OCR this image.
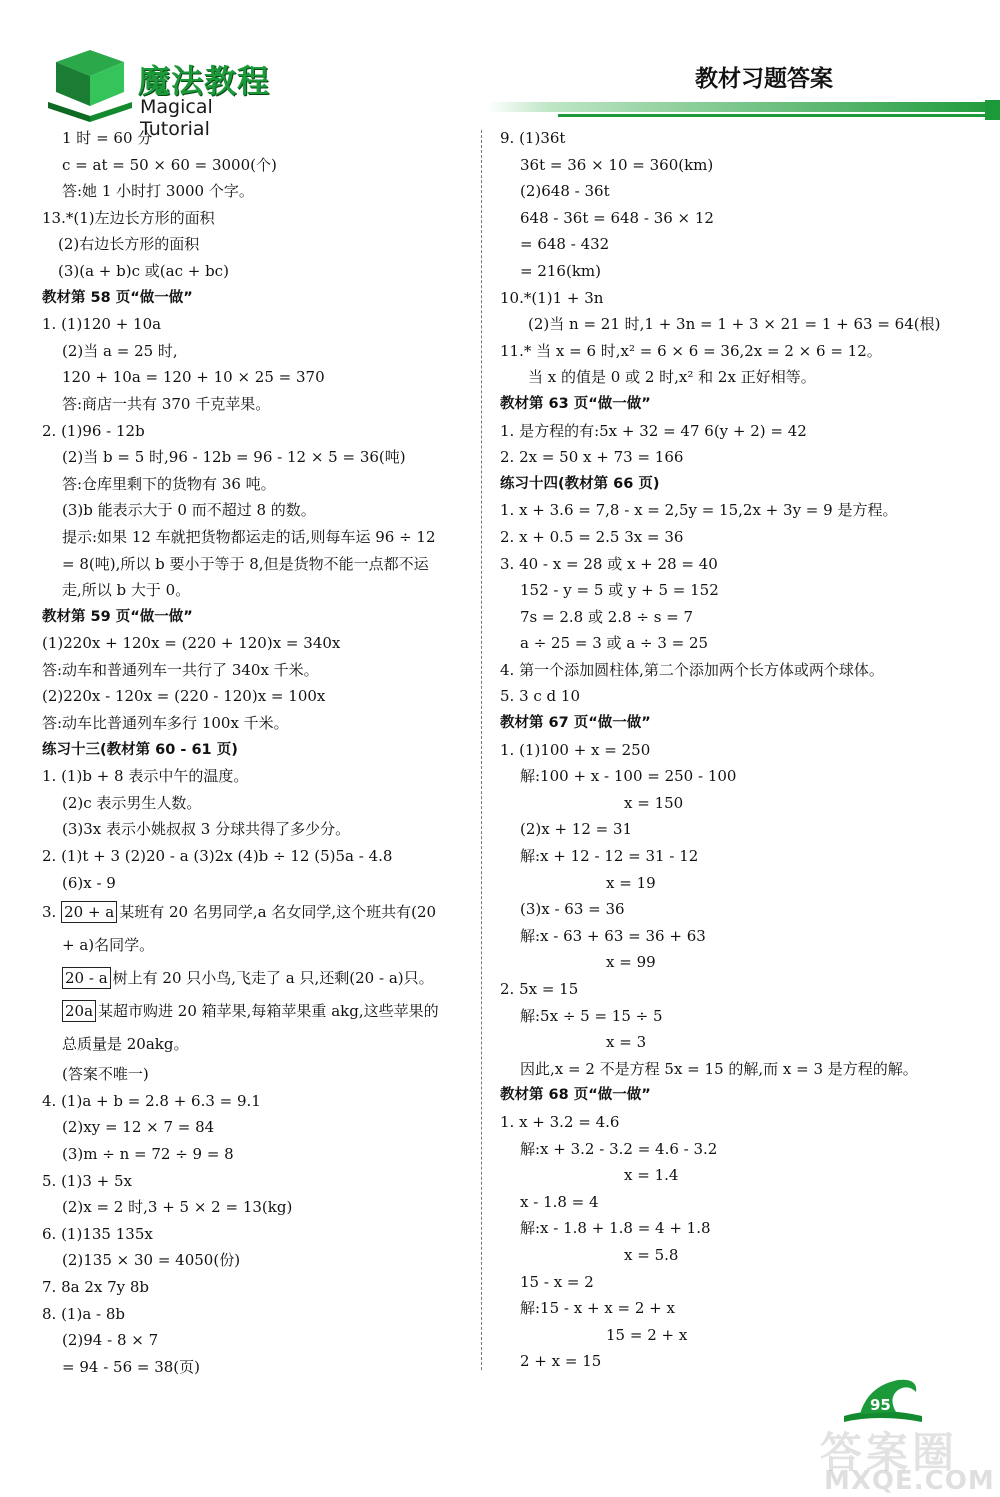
魔法教程
Magical Tutorial
教材习题答案
1 时 = 60 分
c = at = 50 × 60 = 3000(个)
答:她 1 小时打 3000 个字。
13.*(1)左边长方形的面积
(2)右边长方形的面积
(3)(a + b)c 或(ac + bc)
教材第 58 页“做一做”
1. (1)120 + 10a
(2)当 a = 25 时,
120 + 10a = 120 + 10 × 25 = 370
答:商店一共有 370 千克苹果。
2. (1)96 - 12b
(2)当 b = 5 时,96 - 12b = 96 - 12 × 5 = 36(吨)
答:仓库里剩下的货物有 36 吨。
(3)b 能表示大于 0 而不超过 8 的数。
提示:如果 12 车就把货物都运走的话,则每车运 96 ÷ 12
= 8(吨),所以 b 要小于等于 8,但是货物不能一点都不运
走,所以 b 大于 0。
教材第 59 页“做一做”
(1)220x + 120x = (220 + 120)x = 340x
答:动车和普通列车一共行了 340x 千米。
(2)220x - 120x = (220 - 120)x = 100x
答:动车比普通列车多行 100x 千米。
练习十三(教材第 60 - 61 页)
1. (1)b + 8 表示中午的温度。
(2)c 表示男生人数。
(3)3x 表示小姚叔叔 3 分球共得了多少分。
2. (1)t + 3 (2)20 - a (3)2x (4)b ÷ 12 (5)5a - 4.8
(6)x - 9
3. 20 + a 某班有 20 名男同学,a 名女同学,这个班共有(20
+ a)名同学。
20 - a 树上有 20 只小鸟,飞走了 a 只,还剩(20 - a)只。
20a 某超市购进 20 箱苹果,每箱苹果重 akg,这些苹果的
总质量是 20akg。
(答案不唯一)
4. (1)a + b = 2.8 + 6.3 = 9.1
(2)xy = 12 × 7 = 84
(3)m ÷ n = 72 ÷ 9 = 8
5. (1)3 + 5x
(2)x = 2 时,3 + 5 × 2 = 13(kg)
6. (1)135 135x
(2)135 × 30 = 4050(份)
7. 8a 2x 7y 8b
8. (1)a - 8b
(2)94 - 8 × 7
= 94 - 56 = 38(页)
9. (1)36t
36t = 36 × 10 = 360(km)
(2)648 - 36t
648 - 36t = 648 - 36 × 12
= 648 - 432
= 216(km)
10.*(1)1 + 3n
(2)当 n = 21 时,1 + 3n = 1 + 3 × 21 = 1 + 63 = 64(根)
11.* 当 x = 6 时,x² = 6 × 6 = 36,2x = 2 × 6 = 12。
当 x 的值是 0 或 2 时,x² 和 2x 正好相等。
教材第 63 页“做一做”
1. 是方程的有:5x + 32 = 47 6(y + 2) = 42
2. 2x = 50 x + 73 = 166
练习十四(教材第 66 页)
1. x + 3.6 = 7,8 - x = 2,5y = 15,2x + 3y = 9 是方程。
2. x + 0.5 = 2.5 3x = 36
3. 40 - x = 28 或 x + 28 = 40
152 - y = 5 或 y + 5 = 152
7s = 2.8 或 2.8 ÷ s = 7
a ÷ 25 = 3 或 a ÷ 3 = 25
4. 第一个添加圆柱体,第二个添加两个长方体或两个球体。
5. 3 c d 10
教材第 67 页“做一做”
1. (1)100 + x = 250
解:100 + x - 100 = 250 - 100
x = 150
(2)x + 12 = 31
解:x + 12 - 12 = 31 - 12
x = 19
(3)x - 63 = 36
解:x - 63 + 63 = 36 + 63
x = 99
2. 5x = 15
解:5x ÷ 5 = 15 ÷ 5
x = 3
因此,x = 2 不是方程 5x = 15 的解,而 x = 3 是方程的解。
教材第 68 页“做一做”
1. x + 3.2 = 4.6
解:x + 3.2 - 3.2 = 4.6 - 3.2
x = 1.4
x - 1.8 = 4
解:x - 1.8 + 1.8 = 4 + 1.8
x = 5.8
15 - x = 2
解:15 - x + x = 2 + x
15 = 2 + x
2 + x = 15
95
答案圈
MXQE.COM
